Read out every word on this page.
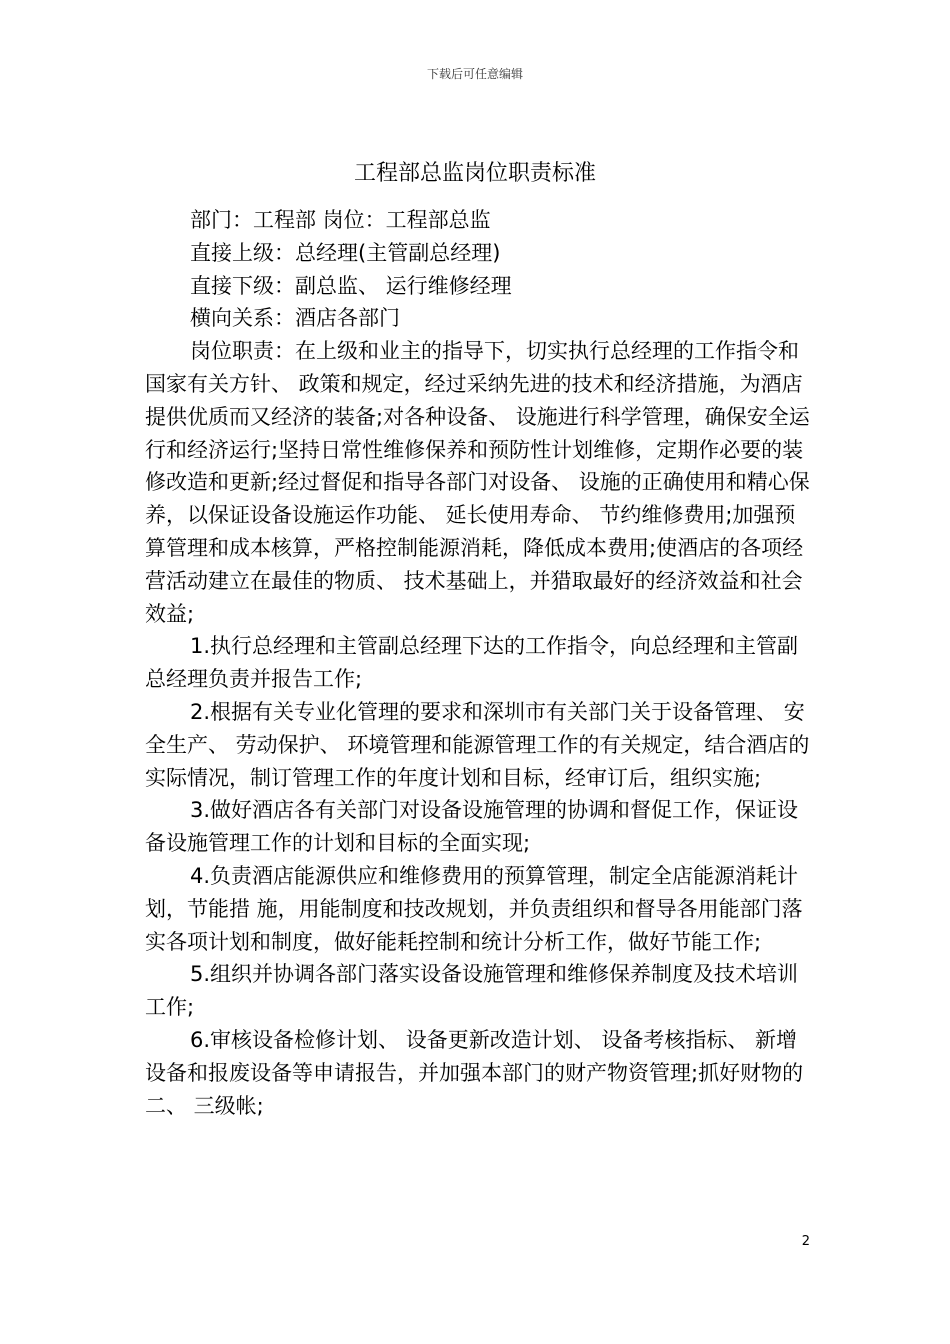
下载后可任意编辑
工程部总监岗位职责标准

部门：工程部 岗位：工程部总监

直接上级：总经理(主管副总经理)

直接下级：副总监、 运行维修经理

横向关系：酒店各部门

岗位职责：在上级和业主的指导下，切实执行总经理的工作指令和国家有关方针、 政策和规定，经过采纳先进的技术和经济措施，为酒店提供优质而又经济的装备;对各种设备、 设施进行科学管理，确保安全运行和经济运行;坚持日常性维修保养和预防性计划维修，定期作必要的装修改造和更新;经过督促和指导各部门对设备、 设施的正确使用和精心保养，以保证设备设施运作功能、 延长使用寿命、 节约维修费用;加强预算管理和成本核算，严格控制能源消耗，降低成本费用;使酒店的各项经营活动建立在最佳的物质、 技术基础上，并猎取最好的经济效益和社会效益;

1.执行总经理和主管副总经理下达的工作指令，向总经理和主管副总经理负责并报告工作;

2.根据有关专业化管理的要求和深圳市有关部门关于设备管理、 安全生产、 劳动保护、 环境管理和能源管理工作的有关规定，结合酒店的实际情况，制订管理工作的年度计划和目标，经审订后，组织实施;

3.做好酒店各有关部门对设备设施管理的协调和督促工作，保证设备设施管理工作的计划和目标的全面实现;

4.负责酒店能源供应和维修费用的预算管理，制定全店能源消耗计划，节能措 施，用能制度和技改规划，并负责组织和督导各用能部门落实各项计划和制度，做好能耗控制和统计分析工作，做好节能工作;

5.组织并协调各部门落实设备设施管理和维修保养制度及技术培训工作;

6.审核设备检修计划、 设备更新改造计划、 设备考核指标、 新增设备和报废设备等申请报告，并加强本部门的财产物资管理;抓好财物的二、 三级帐;

2
